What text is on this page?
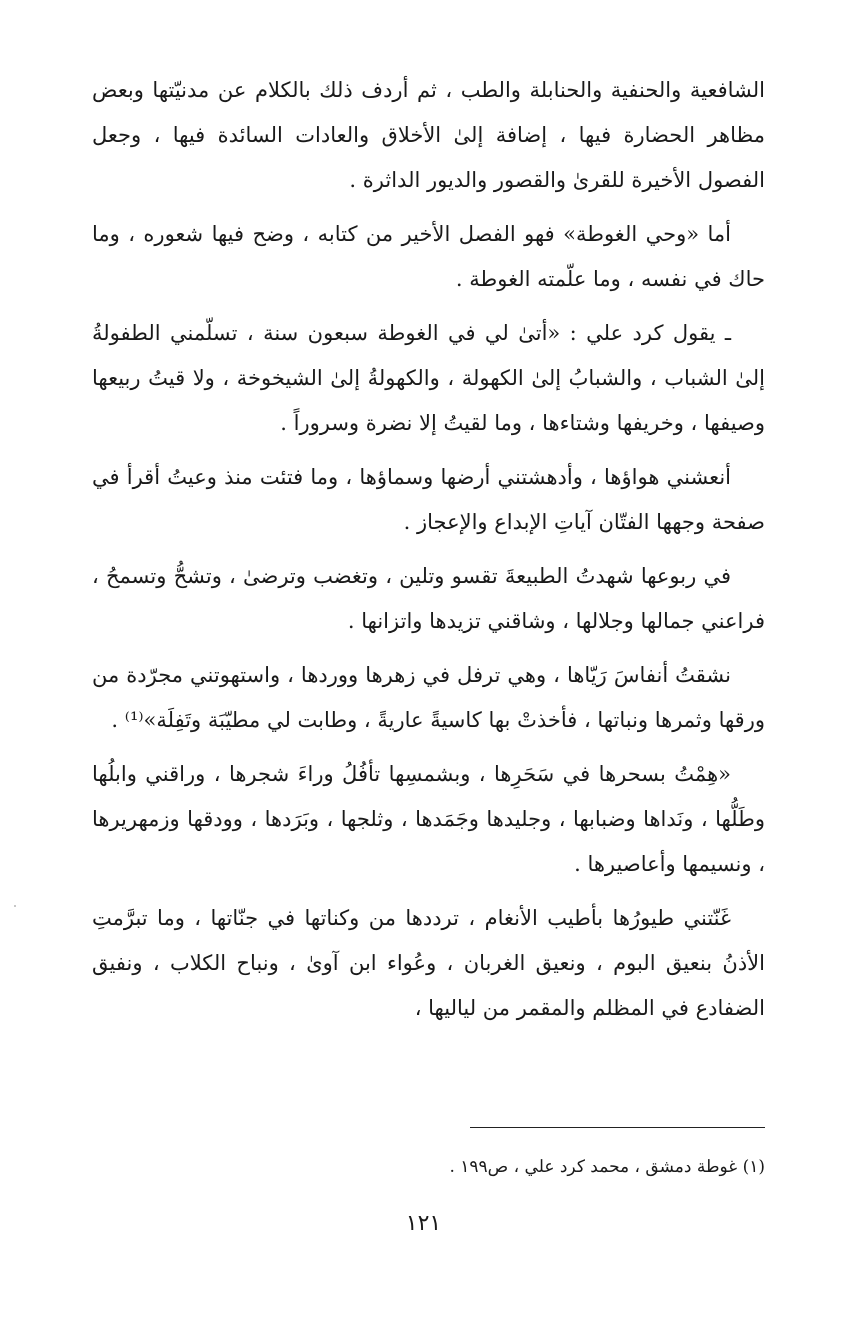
الشافعية والحنفية والحنابلة والطب ، ثم أردف ذلك بالكلام عن مدنيّتها وبعض مظاهر الحضارة فيها ، إضافة إلىٰ الأخلاق والعادات السائدة فيها ، وجعل الفصول الأخيرة للقرىٰ والقصور والديور الداثرة .

أما «وحي الغوطة» فهو الفصل الأخير من كتابه ، وضح فيها شعوره ، وما حاك في نفسه ، وما علّمته الغوطة .

ـ يقول كرد علي : «أتىٰ لي في الغوطة سبعون سنة ، تسلّمني الطفولةُ إلىٰ الشباب ، والشبابُ إلىٰ الكهولة ، والكهولةُ إلىٰ الشيخوخة ، ولا قيتُ ربيعها وصيفها ، وخريفها وشتاءها ، وما لقيتُ إلا نضرة وسروراً .

أنعشني هواؤها ، وأدهشتني أرضها وسماؤها ، وما فتئت منذ وعيتُ أقرأ في صفحة وجهها الفتّان آياتِ الإبداع والإعجاز .

في ربوعها شهدتُ الطبيعةَ تقسو وتلين ، وتغضب وترضىٰ ، وتشحُّ وتسمحُ ، فراعني جمالها وجلالها ، وشاقني تزيدها واتزانها .

نشقتُ أنفاسَ رَيّاها ، وهي ترفل في زهرها ووردها ، واستهوتني مجرّدة من ورقها وثمرها ونباتها ، فأخذتْ بها كاسيةً عاريةً ، وطابت لي مطيّبَة وتَفِلَة»⁽¹⁾ .

«هِمْتُ بسحرها في سَحَرِها ، وبشمسِها تأفُلُ وراءَ شجرها ، وراقني وابلُها وطَلُّها ، ونَداها وضبابها ، وجليدها وجَمَدها ، وثلجها ، وبَرَدها ، وودقها وزمهريرها ، ونسيمها وأعاصيرها .

غَنّتني طيورُها بأطيب الأنغام ، ترددها من وكناتها في جنّاتها ، وما تبرَّمتِ الأذنُ بنعيق البوم ، ونعيق الغربان ، وعُواء ابن آوىٰ ، ونباح الكلاب ، ونفيق الضفادع في المظلم والمقمر من لياليها ،

(١) غوطة دمشق ، محمد كرد علي ، ص١٩٩ .

١٢١
